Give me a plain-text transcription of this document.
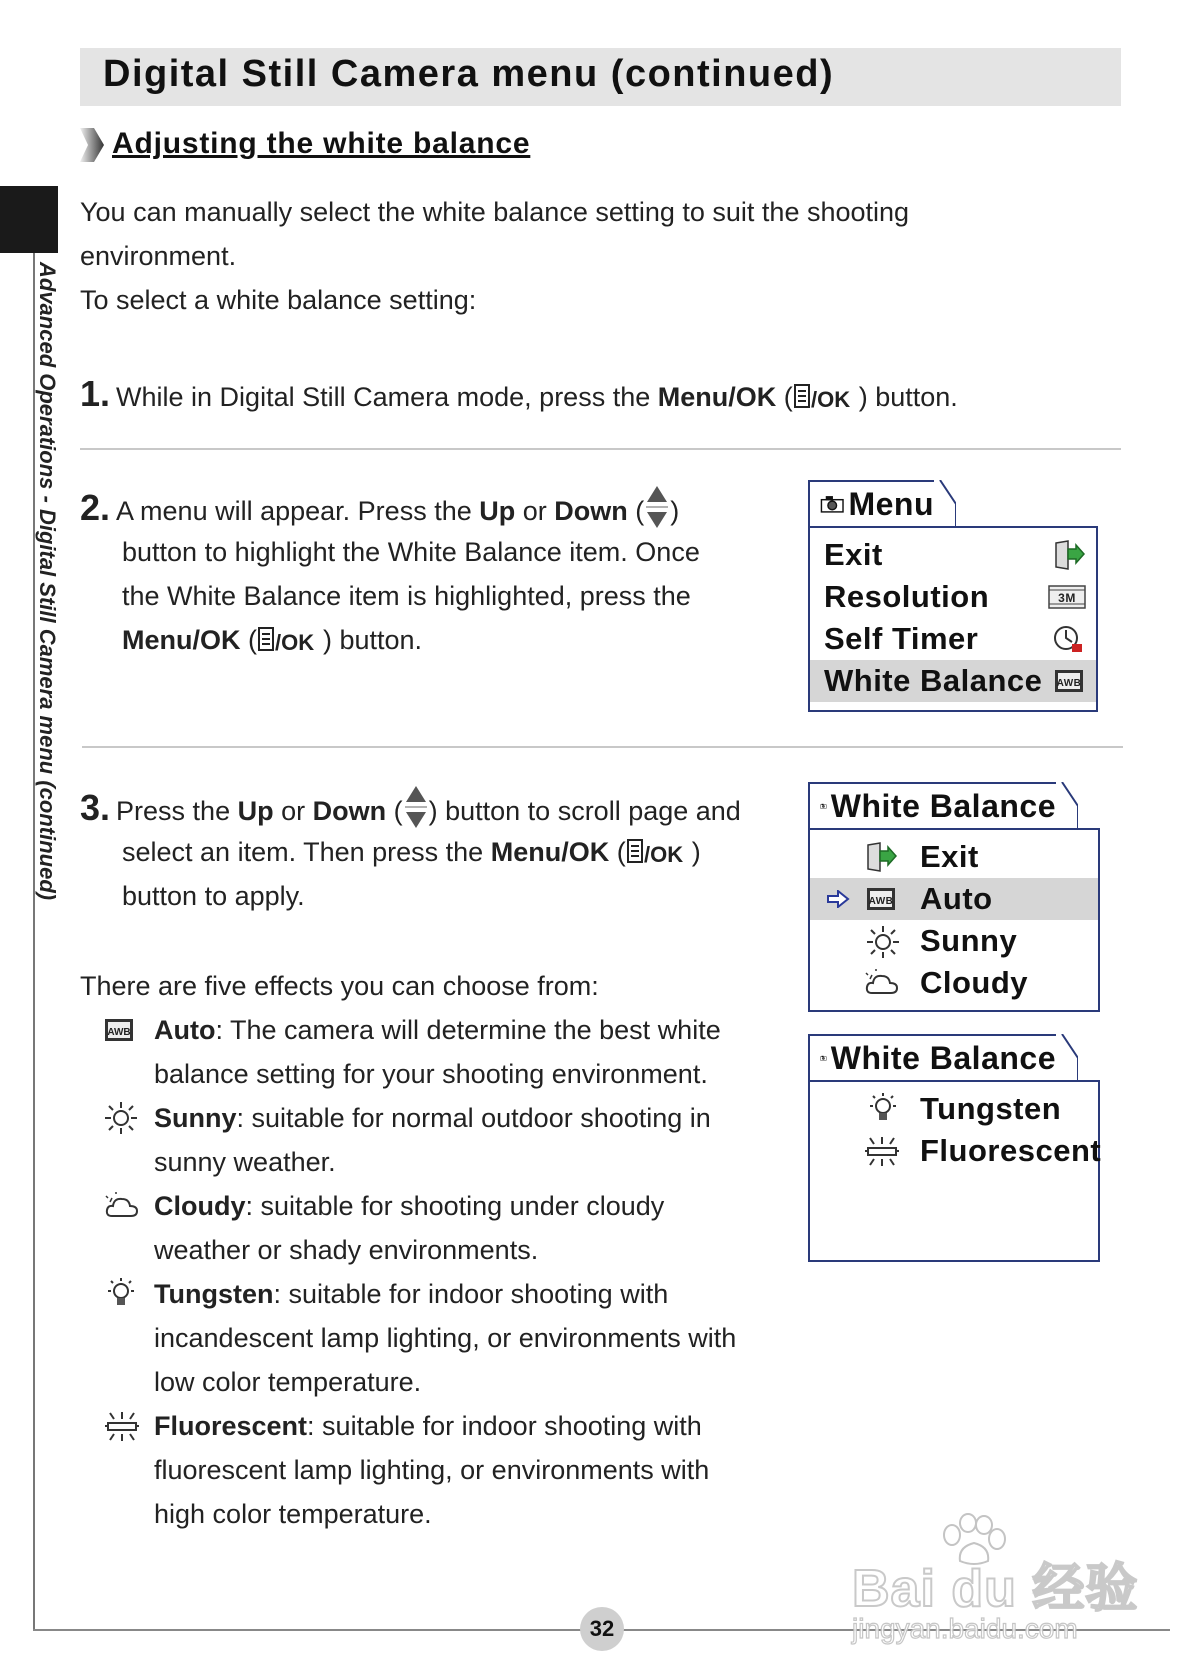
Digital Still Camera menu (continued)
Adjusting the white balance
Advanced Operations - Digital Still Camera menu (continued)
You can manually select the white balance setting to suit the shooting
environment.
To select a white balance setting:
1. While in Digital Still Camera mode, press the Menu/OK ( /OK ) button.
2. A menu will appear. Press the Up or Down ( )
button to highlight the White Balance item. Once
the White Balance item is highlighted, press the
Menu/OK ( /OK ) button.
Menu
Exit
Resolution	3M
Self Timer
White Balance AWB
3. Press the Up or Down ( ) button to scroll page and
select an item. Then press the Menu/OK ( /OK )
button to apply.
White Balance
Exit
AWB Auto
Sunny
Cloudy
White Balance
Tungsten
Fluorescent
There are five effects you can choose from:
AWB Auto: The camera will determine the best white
balance setting for your shooting environment.
Sunny: suitable for normal outdoor shooting in
sunny weather.
Cloudy: suitable for shooting under cloudy
weather or shady environments.
Tungsten: suitable for indoor shooting with
incandescent lamp lighting, or environments with
low color temperature.
Fluorescent: suitable for indoor shooting with
fluorescent lamp lighting, or environments with
high color temperature.
32
Bai du 经验
jingyan.baidu.com
